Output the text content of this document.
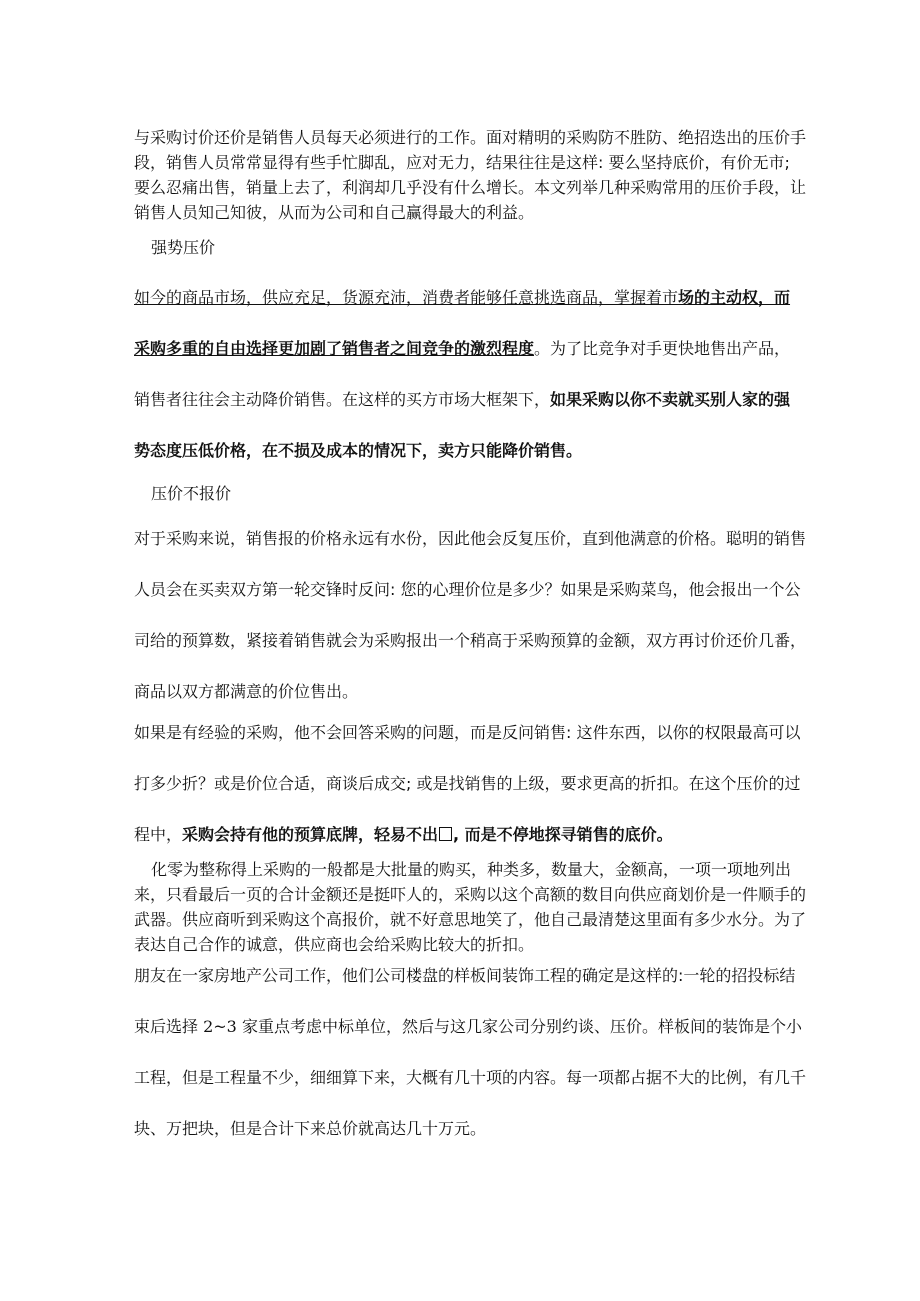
与采购讨价还价是销售人员每天必须进行的工作。面对精明的采购防不胜防、绝招迭出的压价手段，销售人员常常显得有些手忙脚乱，应对无力，结果往往是这样: 要么坚持底价，有价无市; 要么忍痛出售，销量上去了，利润却几乎没有什么增长。本文列举几种采购常用的压价手段，让销售人员知己知彼，从而为公司和自己赢得最大的利益。

强势压价

如今的商品市场，供应充足，货源充沛，消费者能够任意挑选商品，掌握着市场的主动权，而采购多重的自由选择更加剧了销售者之间竞争的激烈程度。为了比竞争对手更快地售出产品，销售者往往会主动降价销售。在这样的买方市场大框架下，如果采购以你不卖就买别人家的强势态度压低价格，在不损及成本的情况下，卖方只能降价销售。

压价不报价

对于采购来说，销售报的价格永远有水份，因此他会反复压价，直到他满意的价格。聪明的销售人员会在买卖双方第一轮交锋时反问: 您的心理价位是多少？如果是采购菜鸟，他会报出一个公司给的预算数，紧接着销售就会为采购报出一个稍高于采购预算的金额，双方再讨价还价几番，商品以双方都满意的价位售出。

如果是有经验的采购，他不会回答采购的问题，而是反问销售: 这件东西，以你的权限最高可以打多少折？或是价位合适，商谈后成交; 或是找销售的上级，要求更高的折扣。在这个压价的过程中，采购会持有他的预算底牌，轻易不出 , 而是不停地探寻销售的底价。

化零为整称得上采购的一般都是大批量的购买，种类多，数量大，金额高，一项一项地列出来，只看最后一页的合计金额还是挺吓人的，采购以这个高额的数目向供应商划价是一件顺手的武器。供应商听到采购这个高报价，就不好意思地笑了，他自己最清楚这里面有多少水分。为了表达自己合作的诚意，供应商也会给采购比较大的折扣。

朋友在一家房地产公司工作，他们公司楼盘的样板间装饰工程的确定是这样的:一轮的招投标结束后选择 2~3 家重点考虑中标单位，然后与这几家公司分别约谈、压价。样板间的装饰是个小工程，但是工程量不少，细细算下来，大概有几十项的内容。每一项都占据不大的比例，有几千块、万把块，但是合计下来总价就高达几十万元。
